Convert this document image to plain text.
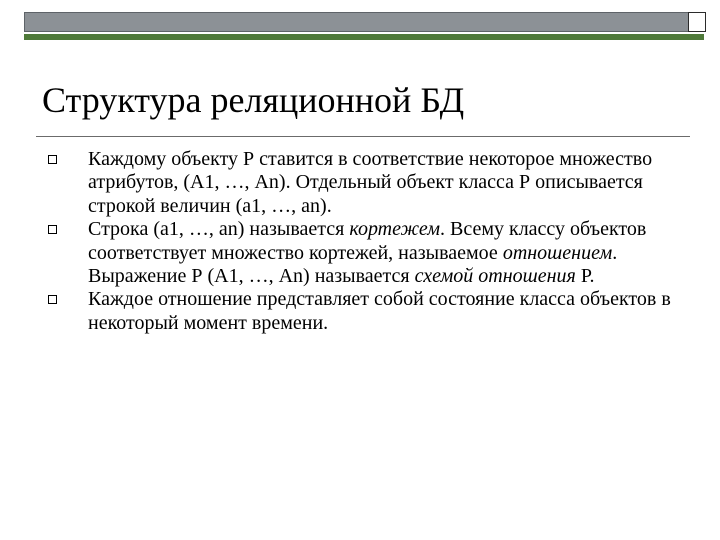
Структура реляционной БД
Каждому объекту Р ставится в соответствие некоторое множество атрибутов, (А1, …, Аn). Отдельный объект класса Р описывается строкой величин (а1, …, аn).
Строка (а1, …, аn) называется кортежем. Всему классу объектов соответствует множество кортежей, называемое отношением. Выражение Р (А1, …, Аn) называется схемой отношения Р.
Каждое отношение представляет собой состояние класса объектов в некоторый момент времени.
